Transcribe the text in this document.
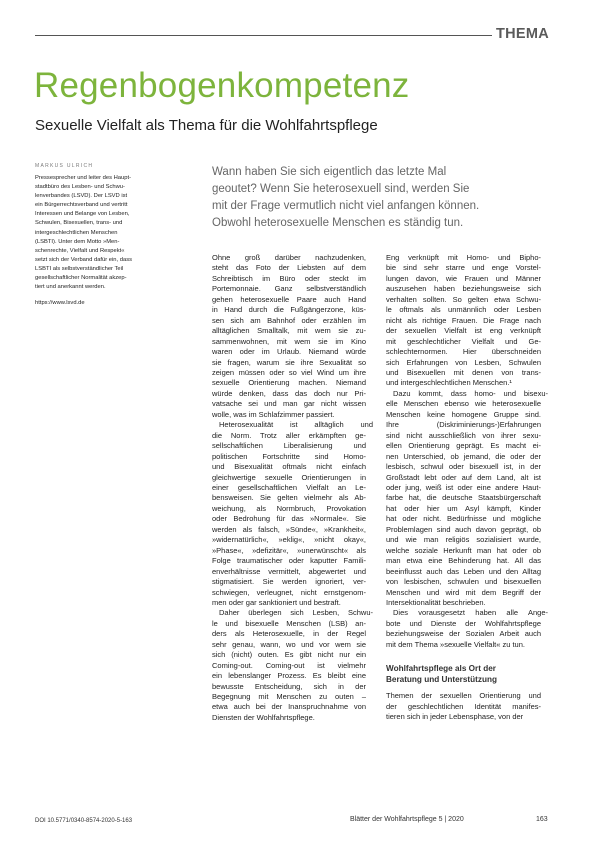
THEMA
Regenbogenkompetenz
Sexuelle Vielfalt als Thema für die Wohlfahrtspflege
MARKUS ULRICH
Pressesprecher und leiter des Haupt-
stadtbüro des Lesben- und Schwu-
lenverbandes (LSVD). Der LSVD ist
ein Bürgerrechtsverband und vertritt
Interessen und Belange von Lesben,
Schwulen, Bisexuellen, trans- und
intergeschlechtlichen Menschen
(LSBTI). Unter dem Motto »Men-
schenrechte, Vielfalt und Respekt«
setzt sich der Verband dafür ein, dass
LSBTI als selbstverständlicher Teil
gesellschaftlicher Normalität akzep-
tiert und anerkannt werden.
https://www.lsvd.de
Wann haben Sie sich eigentlich das letzte Mal
geoutet? Wenn Sie heterosexuell sind, werden Sie
mit der Frage vermutlich nicht viel anfangen können.
Obwohl heterosexuelle Menschen es ständig tun.
Ohne groß darüber nachzudenken,
steht das Foto der Liebsten auf dem
Schreibtisch im Büro oder steckt im
Portemonnaie. Ganz selbstverständlich
gehen heterosexuelle Paare auch Hand
in Hand durch die Fußgängerzone, küs-
sen sich am Bahnhof oder erzählen im
alltäglichen Smalltalk, mit wem sie zu-
sammenwohnen, mit wem sie im Kino
waren oder im Urlaub. Niemand würde
sie fragen, warum sie ihre Sexualität so
zeigen müssen oder so viel Wind um ihre
sexuelle Orientierung machen. Niemand
würde denken, dass das doch nur Pri-
vatsache sei und man gar nicht wissen
wolle, was im Schlafzimmer passiert.
Heterosexualität ist alltäglich und
die Norm. Trotz aller erkämpften ge-
sellschaftlichen Liberalisierung und
politischen Fortschritte sind Homo-
und Bisexualität oftmals nicht einfach
gleichwertige sexuelle Orientierungen in
einer gesellschaftlichen Vielfalt an Le-
bensweisen. Sie gelten vielmehr als Ab-
weichung, als Normbruch, Provokation
oder Bedrohung für das »Normale«. Sie
werden als falsch, »Sünde«, »Krankheit«,
»widernatürlich«, »eklig«, »nicht okay«,
»Phase«, »defizitär«, »unerwünscht« als
Folge traumatischer oder kaputter Famili-
enverhältnisse vermittelt, abgewertet und
stigmatisiert. Sie werden ignoriert, ver-
schwiegen, verleugnet, nicht ernstgenom-
men oder gar sanktioniert und bestraft.
Daher überlegen sich Lesben, Schwu-
le und bisexuelle Menschen (LSB) an-
ders als Heterosexuelle, in der Regel
sehr genau, wann, wo und vor wem sie
sich (nicht) outen. Es gibt nicht nur ein
Coming-out. Coming-out ist vielmehr
ein lebenslanger Prozess. Es bleibt eine
bewusste Entscheidung, sich in der
Begegnung mit Menschen zu outen –
etwa auch bei der Inanspruchnahme von
Diensten der Wohlfahrtspflege.
Eng verknüpft mit Homo- und Bipho-
bie sind sehr starre und enge Vorstel-
lungen davon, wie Frauen und Männer
auszusehen haben beziehungsweise sich
verhalten sollten. So gelten etwa Schwu-
le oftmals als unmännlich oder Lesben
nicht als richtige Frauen. Die Frage nach
der sexuellen Vielfalt ist eng verknüpft
mit geschlechtlicher Vielfalt und Ge-
schlechternormen. Hier überschneiden
sich Erfahrungen von Lesben, Schwulen
und Bisexuellen mit denen von trans-
und intergeschlechtlichen Menschen.¹
Dazu kommt, dass homo- und bisexu-
elle Menschen ebenso wie heterosexuelle
Menschen keine homogene Gruppe sind.
Ihre (Diskriminierungs-)Erfahrungen
sind nicht ausschließlich von ihrer sexu-
ellen Orientierung geprägt. Es macht ei-
nen Unterschied, ob jemand, die oder der
lesbisch, schwul oder bisexuell ist, in der
Großstadt lebt oder auf dem Land, alt ist
oder jung, weiß ist oder eine andere Haut-
farbe hat, die deutsche Staatsbürgerschaft
hat oder hier um Asyl kämpft, Kinder
hat oder nicht. Bedürfnisse und mögliche
Problemlagen sind auch davon geprägt, ob
und wie man religiös sozialisiert wurde,
welche soziale Herkunft man hat oder ob
man etwa eine Behinderung hat. All das
beeinflusst auch das Leben und den Alltag
von lesbischen, schwulen und bisexuellen
Menschen und wird mit dem Begriff der
Intersektionalität beschrieben.
Dies vorausgesetzt haben alle Ange-
bote und Dienste der Wohlfahrtspflege
beziehungsweise der Sozialen Arbeit auch
mit dem Thema »sexuelle Vielfalt« zu tun.
Wohlfahrtspflege als Ort der
Beratung und Unterstützung
Themen der sexuellen Orientierung und
der geschlechtlichen Identität manifes-
tieren sich in jeder Lebensphase, von der
DOI 10.5771/0340-8574-2020-5-163	Blätter der Wohlfahrtspflege 5 | 2020	163
